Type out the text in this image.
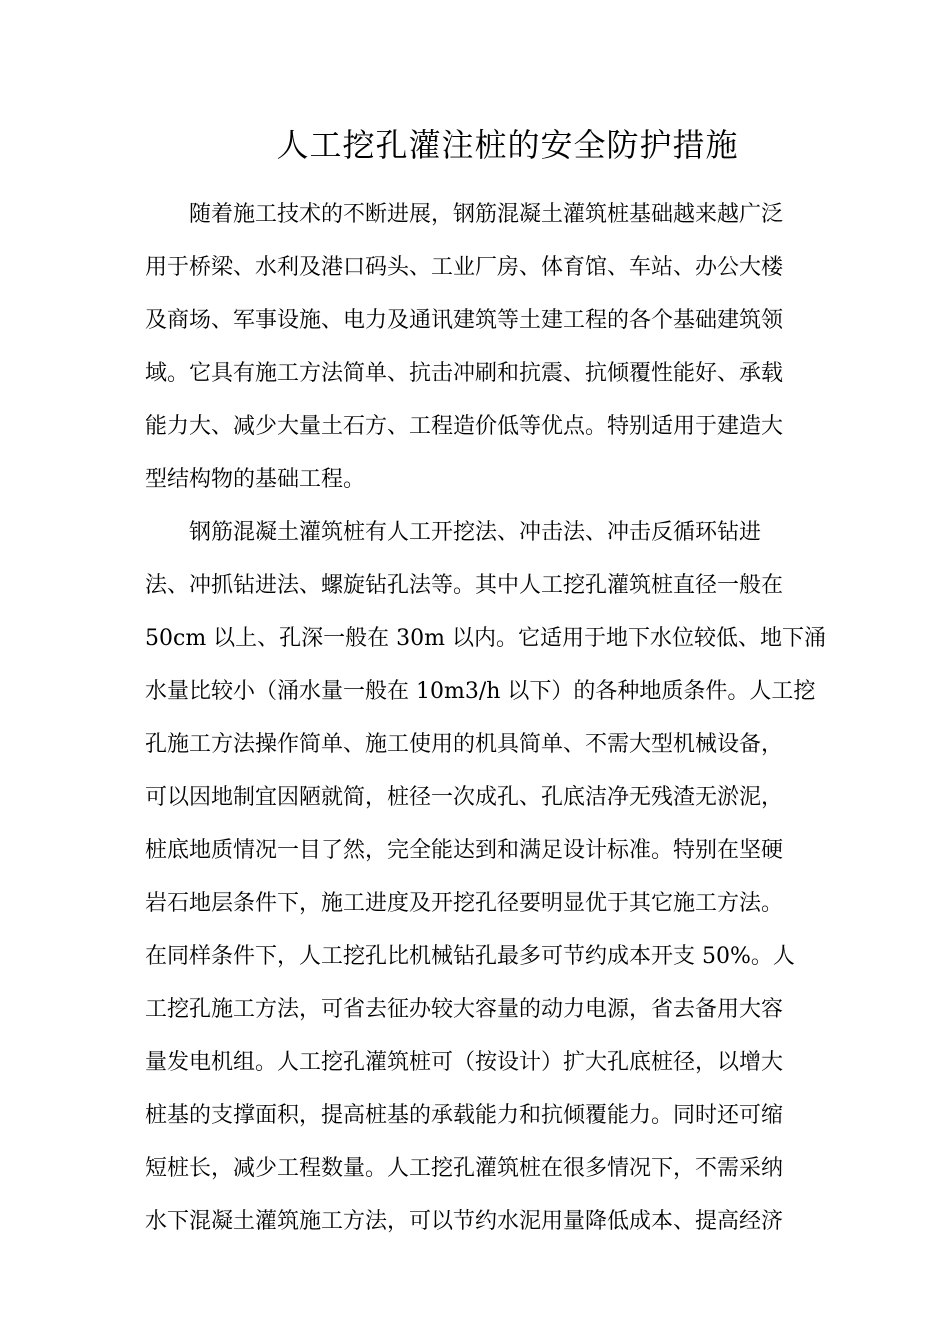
人工挖孔灌注桩的安全防护措施
随着施工技术的不断进展，钢筋混凝土灌筑桩基础越来越广泛
用于桥梁、水利及港口码头、工业厂房、体育馆、车站、办公大楼
及商场、军事设施、电力及通讯建筑等土建工程的各个基础建筑领
域。它具有施工方法简单、抗击冲刷和抗震、抗倾覆性能好、承载
能力大、减少大量土石方、工程造价低等优点。特别适用于建造大
型结构物的基础工程。
钢筋混凝土灌筑桩有人工开挖法、冲击法、冲击反循环钻进
法、冲抓钻进法、螺旋钻孔法等。其中人工挖孔灌筑桩直径一般在
50cm 以上、孔深一般在 30m 以内。它适用于地下水位较低、地下涌
水量比较小（涌水量一般在 10m3/h 以下）的各种地质条件。人工挖
孔施工方法操作简单、施工使用的机具简单、不需大型机械设备，
可以因地制宜因陋就简，桩径一次成孔、孔底洁净无残渣无淤泥，
桩底地质情况一目了然，完全能达到和满足设计标准。特别在坚硬
岩石地层条件下，施工进度及开挖孔径要明显优于其它施工方法。
在同样条件下，人工挖孔比机械钻孔最多可节约成本开支 50%。人
工挖孔施工方法，可省去征办较大容量的动力电源，省去备用大容
量发电机组。人工挖孔灌筑桩可（按设计）扩大孔底桩径，以增大
桩基的支撑面积，提高桩基的承载能力和抗倾覆能力。同时还可缩
短桩长，减少工程数量。人工挖孔灌筑桩在很多情况下，不需采纳
水下混凝土灌筑施工方法，可以节约水泥用量降低成本、提高经济
